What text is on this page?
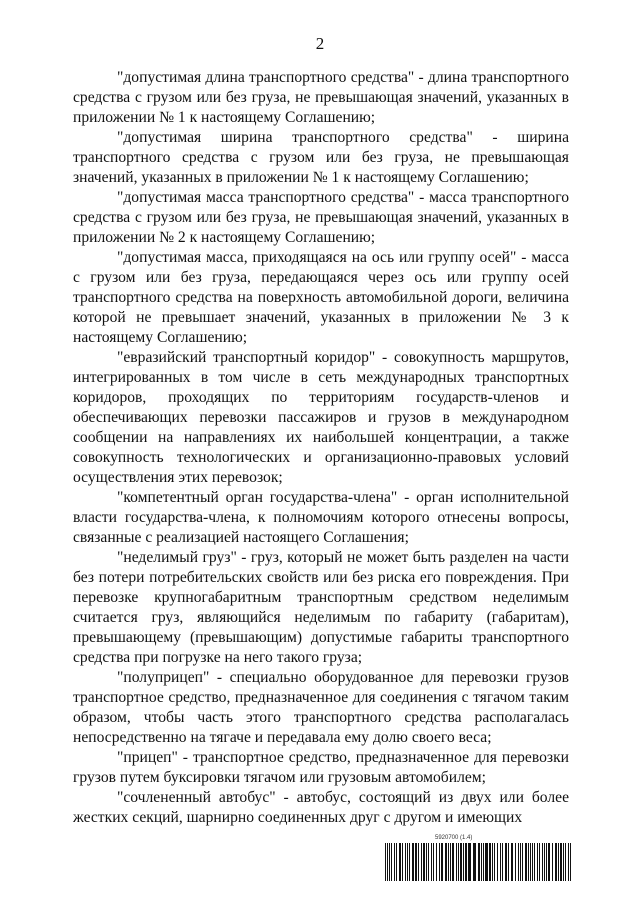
2

"допустимая длина транспортного средства" - длина транспортного средства с грузом или без груза, не превышающая значений, указанных в приложении № 1 к настоящему Соглашению;

"допустимая ширина транспортного средства" - ширина транспортного средства с грузом или без груза, не превышающая значений, указанных в приложении № 1 к настоящему Соглашению;

"допустимая масса транспортного средства" - масса транспортного средства с грузом или без груза, не превышающая значений, указанных в приложении № 2 к настоящему Соглашению;

"допустимая масса, приходящаяся на ось или группу осей" - масса с грузом или без груза, передающаяся через ось или группу осей транспортного средства на поверхность автомобильной дороги, величина которой не превышает значений, указанных в приложении № 3 к настоящему Соглашению;

"евразийский транспортный коридор" - совокупность маршрутов, интегрированных в том числе в сеть международных транспортных коридоров, проходящих по территориям государств-членов и обеспечивающих перевозки пассажиров и грузов в международном сообщении на направлениях их наибольшей концентрации, а также совокупность технологических и организационно-правовых условий осуществления этих перевозок;

"компетентный орган государства-члена" - орган исполнительной власти государства-члена, к полномочиям которого отнесены вопросы, связанные с реализацией настоящего Соглашения;

"неделимый груз" - груз, который не может быть разделен на части без потери потребительских свойств или без риска его повреждения. При перевозке крупногабаритным транспортным средством неделимым считается груз, являющийся неделимым по габариту (габаритам), превышающему (превышающим) допустимые габариты транспортного средства при погрузке на него такого груза;

"полуприцеп" - специально оборудованное для перевозки грузов транспортное средство, предназначенное для соединения с тягачом таким образом, чтобы часть этого транспортного средства располагалась непосредственно на тягаче и передавала ему долю своего веса;

"прицеп" - транспортное средство, предназначенное для перевозки грузов путем буксировки тягачом или грузовым автомобилем;

"сочлененный автобус" - автобус, состоящий из двух или более жестких секций, шарнирно соединенных друг с другом и имеющих

5920700 (1.4)
